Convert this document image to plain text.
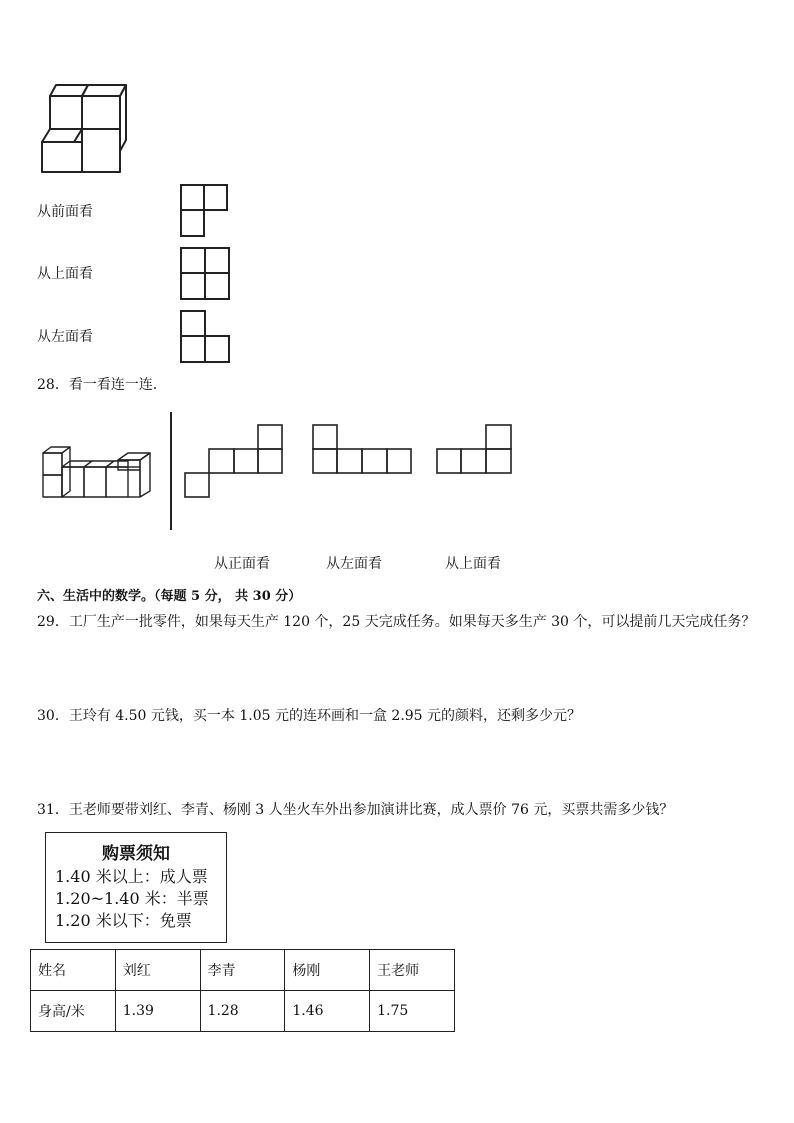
从前面看
从上面看
从左面看
28．看一看连一连．
从正面看	从左面看	从上面看
六、生活中的数学。（每题 5 分， 共 30 分）
29．工厂生产一批零件，如果每天生产 120 个，25 天完成任务。如果每天多生产 30 个，可以提前几天完成任务？
30．王玲有 4.50 元钱，买一本 1.05 元的连环画和一盒 2.95 元的颜料，还剩多少元？
31．王老师要带刘红、李青、杨刚 3 人坐火车外出参加演讲比赛，成人票价 76 元，买票共需多少钱？
购票须知
1.40 米以上：成人票
1.20~1.40 米：半票
1.20 米以下：免票
姓名	刘红	李青	杨刚	王老师
身高/米	1.39	1.28	1.46	1.75
